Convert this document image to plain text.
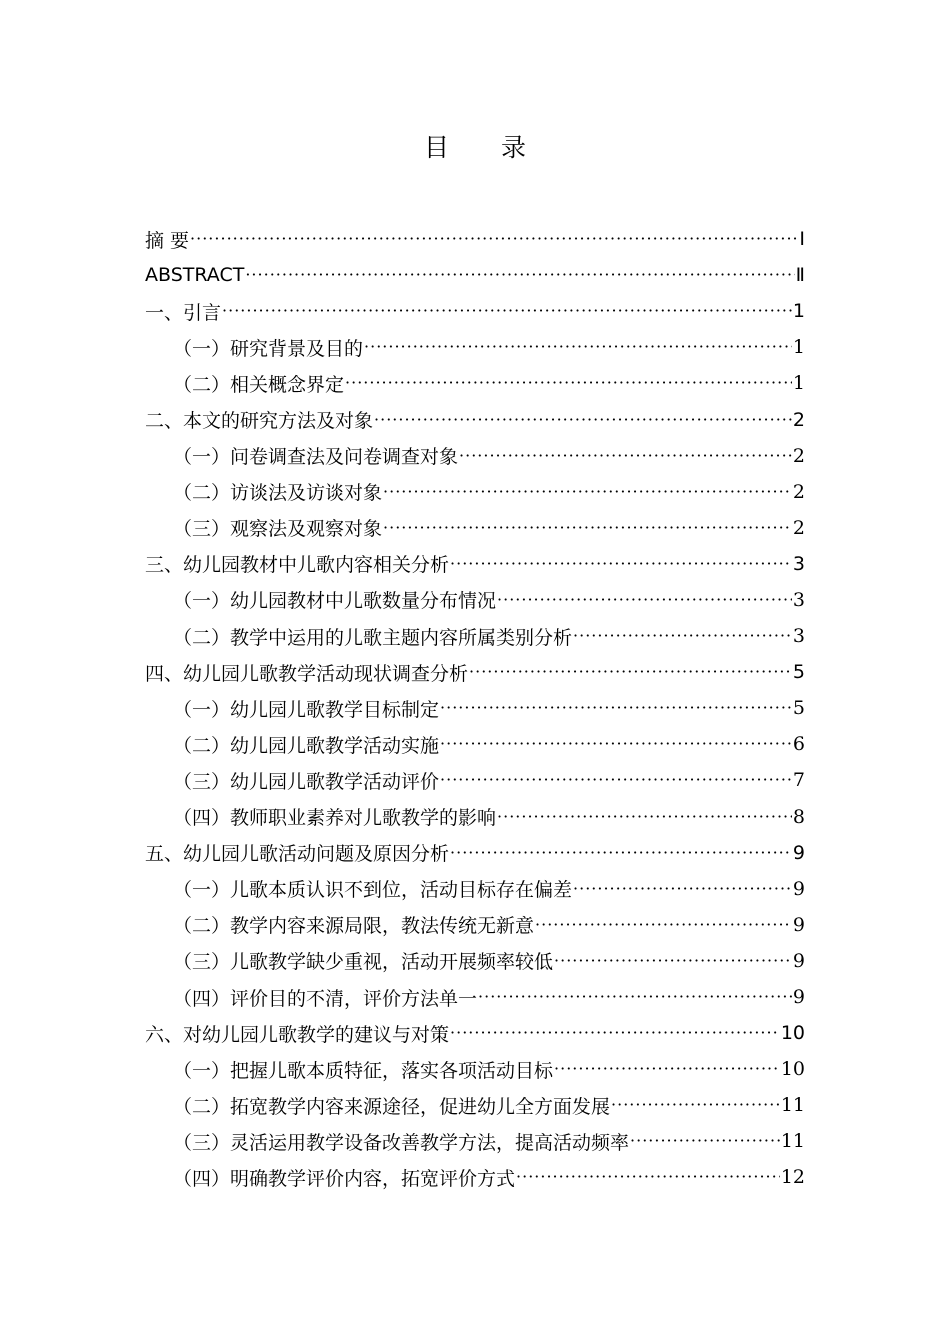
目 录
摘 要 ·····	Ⅰ
ABSTRACT ·····	Ⅱ
一、引言 ·····	1
（一）研究背景及目的 ·····	1
（二）相关概念界定 ·····	1
二、本文的研究方法及对象 ·····	2
（一）问卷调查法及问卷调查对象 ·····	2
（二）访谈法及访谈对象 ·····	2
（三）观察法及观察对象 ·····	2
三、幼儿园教材中儿歌内容相关分析 ·····	3
（一）幼儿园教材中儿歌数量分布情况 ·····	3
（二）教学中运用的儿歌主题内容所属类别分析 ·····	3
四、幼儿园儿歌教学活动现状调查分析 ·····	5
（一）幼儿园儿歌教学目标制定 ·····	5
（二）幼儿园儿歌教学活动实施 ·····	6
（三）幼儿园儿歌教学活动评价 ·····	7
（四）教师职业素养对儿歌教学的影响 ·····	8
五、幼儿园儿歌活动问题及原因分析 ·····	9
（一）儿歌本质认识不到位，活动目标存在偏差 ·····	9
（二）教学内容来源局限，教法传统无新意 ·····	9
（三）儿歌教学缺少重视，活动开展频率较低 ·····	9
（四）评价目的不清，评价方法单一 ·····	9
六、对幼儿园儿歌教学的建议与对策 ·····	10
（一）把握儿歌本质特征，落实各项活动目标 ·····	10
（二）拓宽教学内容来源途径，促进幼儿全方面发展 ·····	11
（三）灵活运用教学设备改善教学方法，提高活动频率 ·····	11
（四）明确教学评价内容，拓宽评价方式 ·····	12
